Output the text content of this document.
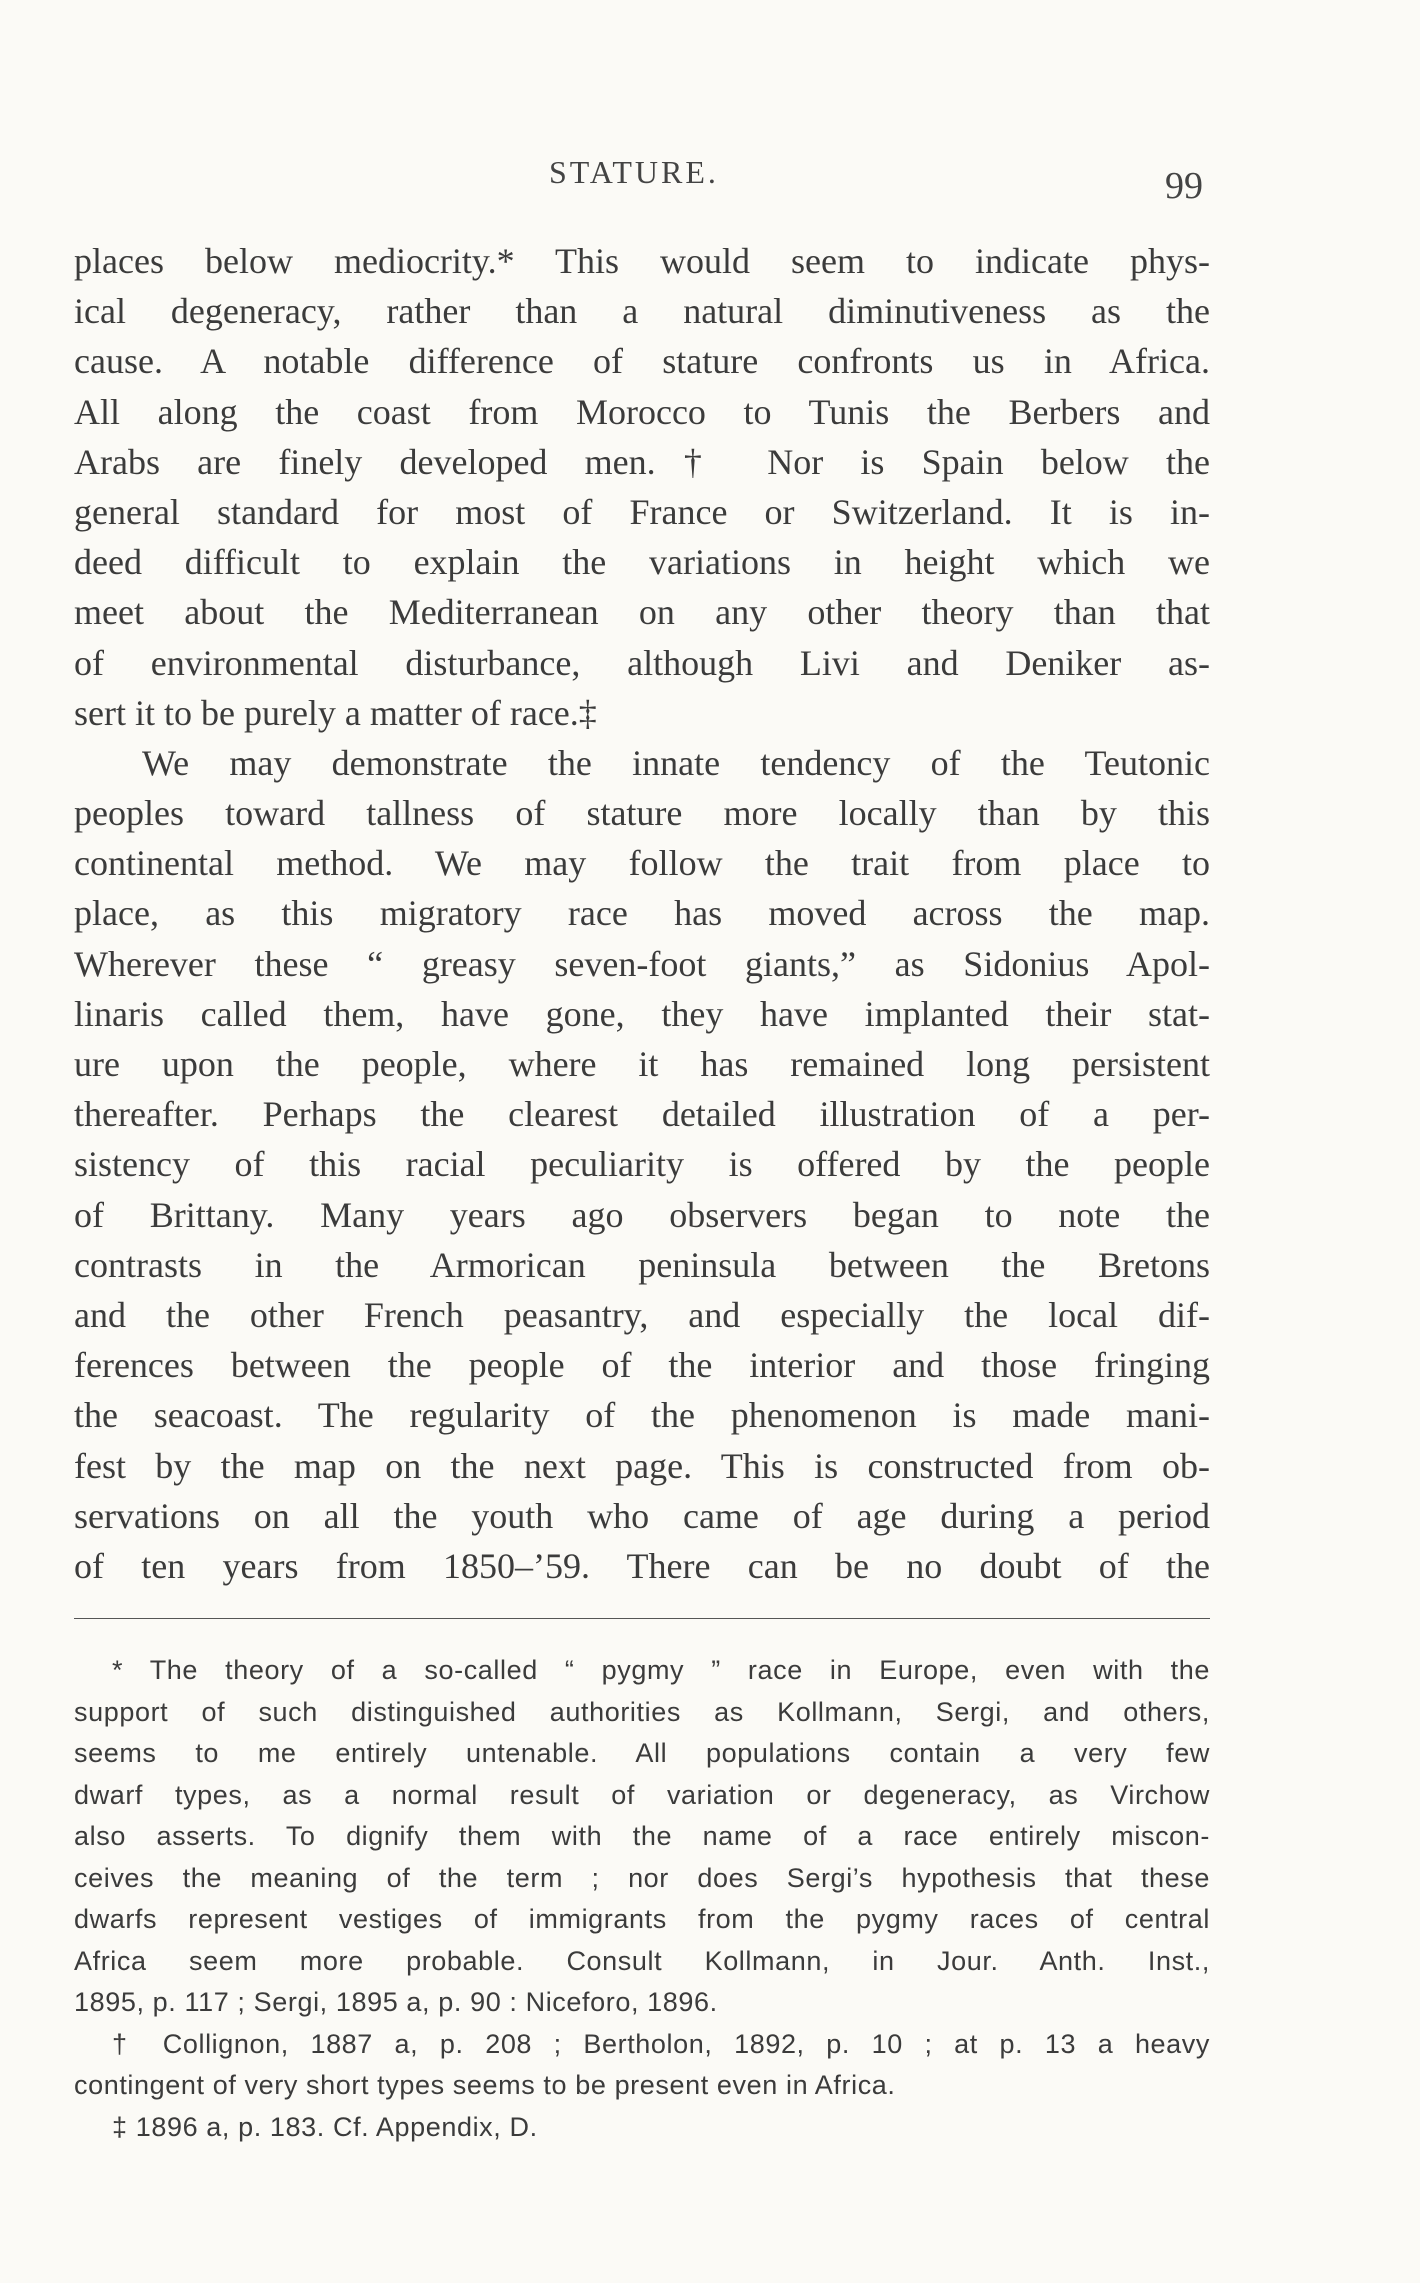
STATURE.	99
places below mediocrity.* This would seem to indicate phys-
ical degeneracy, rather than a natural diminutiveness as the
cause. A notable difference of stature confronts us in Africa.
All along the coast from Morocco to Tunis the Berbers and
Arabs are finely developed men.† Nor is Spain below the
general standard for most of France or Switzerland. It is in-
deed difficult to explain the variations in height which we
meet about the Mediterranean on any other theory than that
of environmental disturbance, although Livi and Deniker as-
sert it to be purely a matter of race.‡
We may demonstrate the innate tendency of the Teutonic
peoples toward tallness of stature more locally than by this
continental method. We may follow the trait from place to
place, as this migratory race has moved across the map.
Wherever these “ greasy seven-foot giants,” as Sidonius Apol-
linaris called them, have gone, they have implanted their stat-
ure upon the people, where it has remained long persistent
thereafter. Perhaps the clearest detailed illustration of a per-
sistency of this racial peculiarity is offered by the people
of Brittany. Many years ago observers began to note the
contrasts in the Armorican peninsula between the Bretons
and the other French peasantry, and especially the local dif-
ferences between the people of the interior and those fringing
the seacoast. The regularity of the phenomenon is made mani-
fest by the map on the next page. This is constructed from ob-
servations on all the youth who came of age during a period
of ten years from 1850–’59. There can be no doubt of the
* The theory of a so-called “ pygmy ” race in Europe, even with the
support of such distinguished authorities as Kollmann, Sergi, and others,
seems to me entirely untenable. All populations contain a very few
dwarf types, as a normal result of variation or degeneracy, as Virchow
also asserts. To dignify them with the name of a race entirely miscon-
ceives the meaning of the term ; nor does Sergi’s hypothesis that these
dwarfs represent vestiges of immigrants from the pygmy races of central
Africa seem more probable. Consult Kollmann, in Jour. Anth. Inst.,
1895, p. 117 ; Sergi, 1895 a, p. 90 : Niceforo, 1896.
† Collignon, 1887 a, p. 208 ; Bertholon, 1892, p. 10 ; at p. 13 a heavy
contingent of very short types seems to be present even in Africa.
‡ 1896 a, p. 183. Cf. Appendix, D.
